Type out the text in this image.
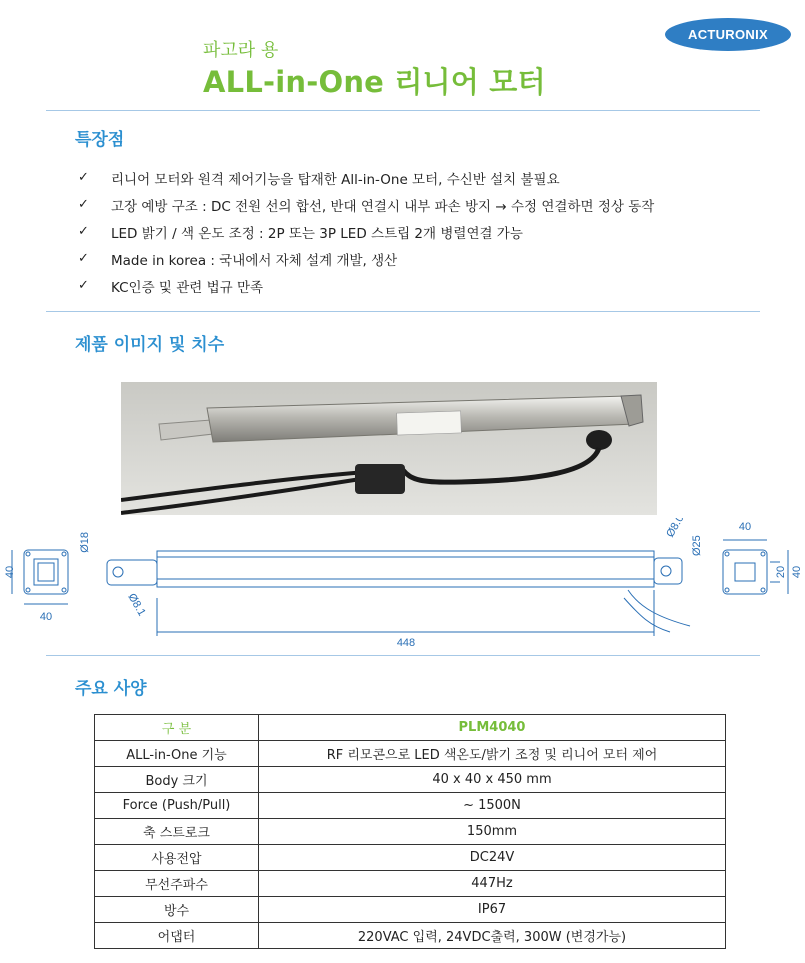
파고라 용
ALL-in-One 리니어 모터
ACTURONIX
특장점
✓	리니어 모터와 원격 제어기능을 탑재한 All-in-One 모터, 수신반 설치 불필요
✓	고장 예방 구조 : DC 전원 선의 합선, 반대 연결시 내부 파손 방지 → 수정 연결하면 정상 동작
✓	LED 밝기 / 색 온도 조정 : 2P 또는 3P LED 스트립 2개 병렬연결 가능
✓	Made in korea : 국내에서 자체 설계 개발, 생산
✓	KC인증 및 관련 법규 만족
제품 이미지 및 치수
40
40
Ø18
Ø8.1
448
Ø8.05
Ø25
40
40
20
주요 사양
구 분	PLM4040
ALL-in-One 기능	RF 리모콘으로 LED 색온도/밝기 조정 및 리니어 모터 제어
Body 크기	40 x 40 x 450 mm
Force (Push/Pull)	~ 1500N
축 스트로크	150mm
사용전압	DC24V
무선주파수	447Hz
방수	IP67
어댑터	220VAC 입력, 24VDC출력, 300W (변경가능)
